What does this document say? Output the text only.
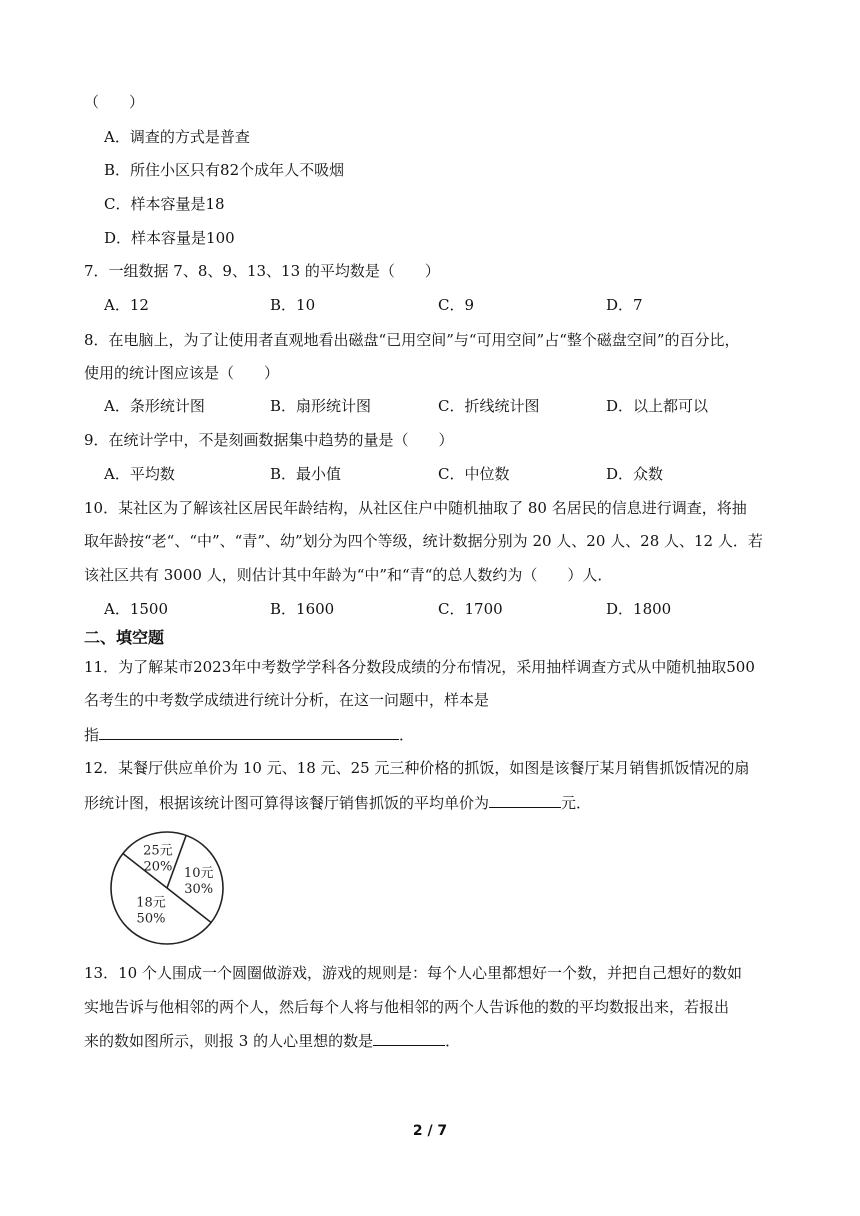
（　　）
A．调查的方式是普查
B．所住小区只有82个成年人不吸烟
C．样本容量是18
D．样本容量是100
7．一组数据 7、8、9、13、13 的平均数是（　　）
A．12	B．10	C．9	D．7
8．在电脑上，为了让使用者直观地看出磁盘“已用空间”与“可用空间”占“整个磁盘空间”的百分比，
使用的统计图应该是（　　）
A．条形统计图	B．扇形统计图	C．折线统计图	D．以上都可以
9．在统计学中，不是刻画数据集中趋势的量是（　　）
A．平均数	B．最小值	C．中位数	D．众数
10．某社区为了解该社区居民年龄结构，从社区住户中随机抽取了 80 名居民的信息进行调查，将抽
取年龄按“老“、“中”、“青”、幼”划分为四个等级，统计数据分别为 20 人、20 人、28 人、12 人．若
该社区共有 3000 人，则估计其中年龄为“中”和“青“的总人数约为（　　）人．
A．1500	B．1600	C．1700	D．1800
二、填空题
11．为了解某市2023年中考数学学科各分数段成绩的分布情况，采用抽样调查方式从中随机抽取500
名考生的中考数学成绩进行统计分析，在这一问题中，样本是
指	．
12．某餐厅供应单价为 10 元、18 元、25 元三种价格的抓饭，如图是该餐厅某月销售抓饭情况的扇
形统计图，根据该统计图可算得该餐厅销售抓饭的平均单价为	元．
10元
30%
18元
50%
25元
20%
13．10 个人围成一个圆圈做游戏，游戏的规则是：每个人心里都想好一个数，并把自己想好的数如
实地告诉与他相邻的两个人，然后每个人将与他相邻的两个人告诉他的数的平均数报出来，若报出
来的数如图所示，则报 3 的人心里想的数是	．
2 / 7
